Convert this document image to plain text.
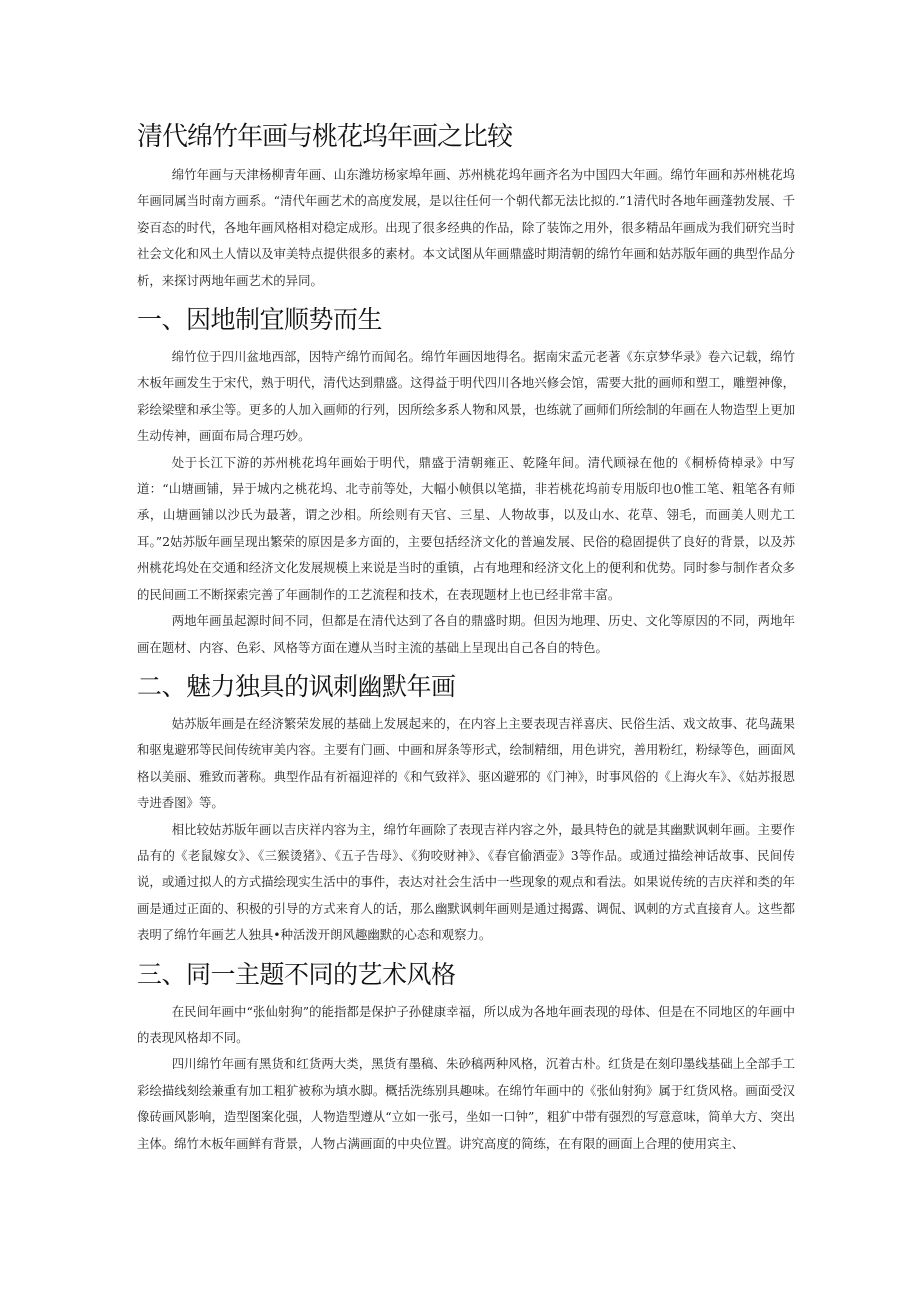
清代绵竹年画与桃花坞年画之比较

绵竹年画与天津杨柳青年画、山东潍坊杨家埠年画、苏州桃花坞年画齐名为中国四大年画。绵竹年画和苏州桃花坞年画同属当时南方画系。“清代年画艺术的高度发展，是以往任何一个朝代都无法比拟的.”1清代时各地年画蓬勃发展、千姿百态的时代，各地年画风格相对稳定成形。出现了很多经典的作品，除了装饰之用外，很多精品年画成为我们研究当时社会文化和风土人情以及审美特点提供很多的素材。本文试图从年画鼎盛时期清朝的绵竹年画和姑苏版年画的典型作品分析，来探讨两地年画艺术的异同。

一、因地制宜顺势而生

绵竹位于四川盆地西部，因特产绵竹而闻名。绵竹年画因地得名。据南宋孟元老著《东京梦华录》卷六记载，绵竹木板年画发生于宋代，熟于明代，清代达到鼎盛。这得益于明代四川各地兴修会馆，需要大批的画师和塑工，雕塑神像，彩绘梁壁和承尘等。更多的人加入画师的行列，因所绘多系人物和风景，也练就了画师们所绘制的年画在人物造型上更加生动传神，画面布局合理巧妙。

处于长江下游的苏州桃花坞年画始于明代，鼎盛于清朝雍正、乾隆年间。清代顾禄在他的《桐桥倚棹录》中写道：“山塘画铺，异于城内之桃花坞、北寺前等处，大幅小帧俱以笔描，非若桃花坞前专用版印也0惟工笔、粗笔各有师承，山塘画铺以沙氏为最著，谓之沙相。所绘则有天官、三星、人物故事，以及山水、花草、翎毛，而画美人则尤工耳。”2姑苏版年画呈现出繁荣的原因是多方面的，主要包括经济文化的普遍发展、民俗的稳固提供了良好的背景，以及苏州桃花坞处在交通和经济文化发展规模上来说是当时的重镇，占有地理和经济文化上的便利和优势。同时参与制作者众多的民间画工不断探索完善了年画制作的工艺流程和技术，在表现题材上也已经非常丰富。

两地年画虽起源时间不同，但都是在清代达到了各自的鼎盛时期。但因为地理、历史、文化等原因的不同，两地年画在题材、内容、色彩、风格等方面在遵从当时主流的基础上呈现出自己各自的特色。

二、魅力独具的讽刺幽默年画

姑苏版年画是在经济繁荣发展的基础上发展起来的，在内容上主要表现吉祥喜庆、民俗生活、戏文故事、花鸟蔬果和驱鬼避邪等民间传统审美内容。主要有门画、中画和屏条等形式，绘制精细，用色讲究，善用粉红，粉绿等色，画面风格以美丽、雅致而著称。典型作品有祈福迎祥的《和气致祥》、驱凶避邪的《门神》，时事风俗的《上海火车》、《姑苏报恩寺进香图》等。

相比较姑苏版年画以吉庆祥内容为主，绵竹年画除了表现吉祥内容之外，最具特色的就是其幽默讽刺年画。主要作品有的《老鼠嫁女》、《三猴烫猪》、《五子告母》、《狗咬财神》、《春官偷酒壶》3等作品。或通过描绘神话故事、民间传说，或通过拟人的方式描绘现实生活中的事件，表达对社会生活中一些现象的观点和看法。如果说传统的吉庆祥和类的年画是通过正面的、积极的引导的方式来育人的话，那么幽默讽刺年画则是通过揭露、调侃、讽刺的方式直接育人。这些都表明了绵竹年画艺人独具•种活泼开朗风趣幽默的心态和观察力。

三、同一主题不同的艺术风格

在民间年画中“张仙射狗”的能指都是保护子孙健康幸福，所以成为各地年画表现的母体、但是在不同地区的年画中的表现风格却不同。

四川绵竹年画有黑货和红货两大类，黑货有墨稿、朱砂稿两种风格，沉着古朴。红货是在刻印墨线基础上全部手工彩绘描线刻绘兼重有加工粗犷被称为填水脚。概括洗练别具趣味。在绵竹年画中的《张仙射狗》属于红货风格。画面受汉像砖画风影响，造型图案化强，人物造型遵从“立如一张弓，坐如一口钟”，粗犷中带有强烈的写意意味，简单大方、突出主体。绵竹木板年画鲜有背景，人物占满画面的中央位置。讲究高度的简练，在有限的画面上合理的使用宾主、
